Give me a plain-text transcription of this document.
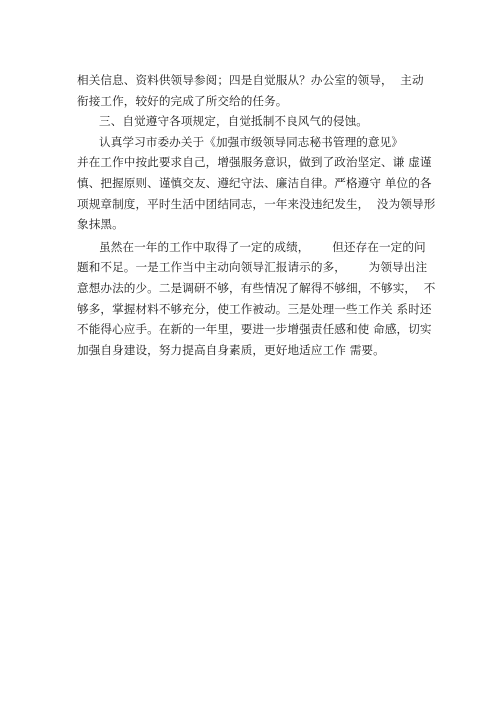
相关信息、资料供领导参阅；四是自觉服从？办公室的领导，  主动
衔接工作，较好的完成了所交给的任务。
三、自觉遵守各项规定，自觉抵制不良风气的侵蚀。
认真学习市委办关于《加强市级领导同志秘书管理的意见》
并在工作中按此要求自己，增强服务意识，做到了政治坚定、谦 虚谨
慎、把握原则、谨慎交友、遵纪守法、廉洁自律。严格遵守 单位的各
项规章制度，平时生活中团结同志，一年来没违纪发生，  没为领导形
象抹黑。
虽然在一年的工作中取得了一定的成绩，      但还存在一定的问
题和不足。一是工作当中主动向领导汇报请示的多，      为领导出注
意想办法的少。二是调研不够，有些情况了解得不够细，不够实，  不
够多，掌握材料不够充分，使工作被动。三是处理一些工作关 系时还
不能得心应手。在新的一年里，要进一步增强责任感和使 命感，切实
加强自身建设，努力提高自身素质，更好地适应工作 需要。
